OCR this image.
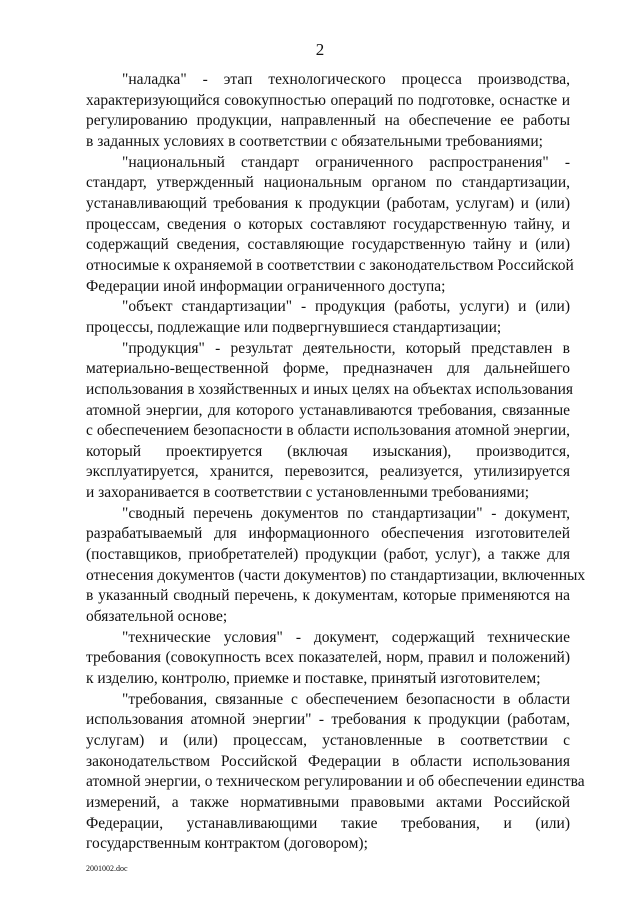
2
"наладка" - этап технологического процесса производства,
характеризующийся совокупностью операций по подготовке, оснастке и
регулированию продукции, направленный на обеспечение ее работы
в заданных условиях в соответствии с обязательными требованиями;
"национальный стандарт ограниченного распространения" -
стандарт, утвержденный национальным органом по стандартизации,
устанавливающий требования к продукции (работам, услугам) и (или)
процессам, сведения о которых составляют государственную тайну, и
содержащий сведения, составляющие государственную тайну и (или)
относимые к охраняемой в соответствии с законодательством Российской
Федерации иной информации ограниченного доступа;
"объект стандартизации" - продукция (работы, услуги) и (или)
процессы, подлежащие или подвергнувшиеся стандартизации;
"продукция" - результат деятельности, который представлен в
материально-вещественной форме, предназначен для дальнейшего
использования в хозяйственных и иных целях на объектах использования
атомной энергии, для которого устанавливаются требования, связанные
с обеспечением безопасности в области использования атомной энергии,
который проектируется (включая изыскания), производится,
эксплуатируется, хранится, перевозится, реализуется, утилизируется
и захоранивается в соответствии с установленными требованиями;
"сводный перечень документов по стандартизации" - документ,
разрабатываемый для информационного обеспечения изготовителей
(поставщиков, приобретателей) продукции (работ, услуг), а также для
отнесения документов (части документов) по стандартизации, включенных
в указанный сводный перечень, к документам, которые применяются на
обязательной основе;
"технические условия" - документ, содержащий технические
требования (совокупность всех показателей, норм, правил и положений)
к изделию, контролю, приемке и поставке, принятый изготовителем;
"требования, связанные с обеспечением безопасности в области
использования атомной энергии" - требования к продукции (работам,
услугам) и (или) процессам, установленные в соответствии с
законодательством Российской Федерации в области использования
атомной энергии, о техническом регулировании и об обеспечении единства
измерений, а также нормативными правовыми актами Российской
Федерации, устанавливающими такие требования, и (или)
государственным контрактом (договором);
2001002.doc
